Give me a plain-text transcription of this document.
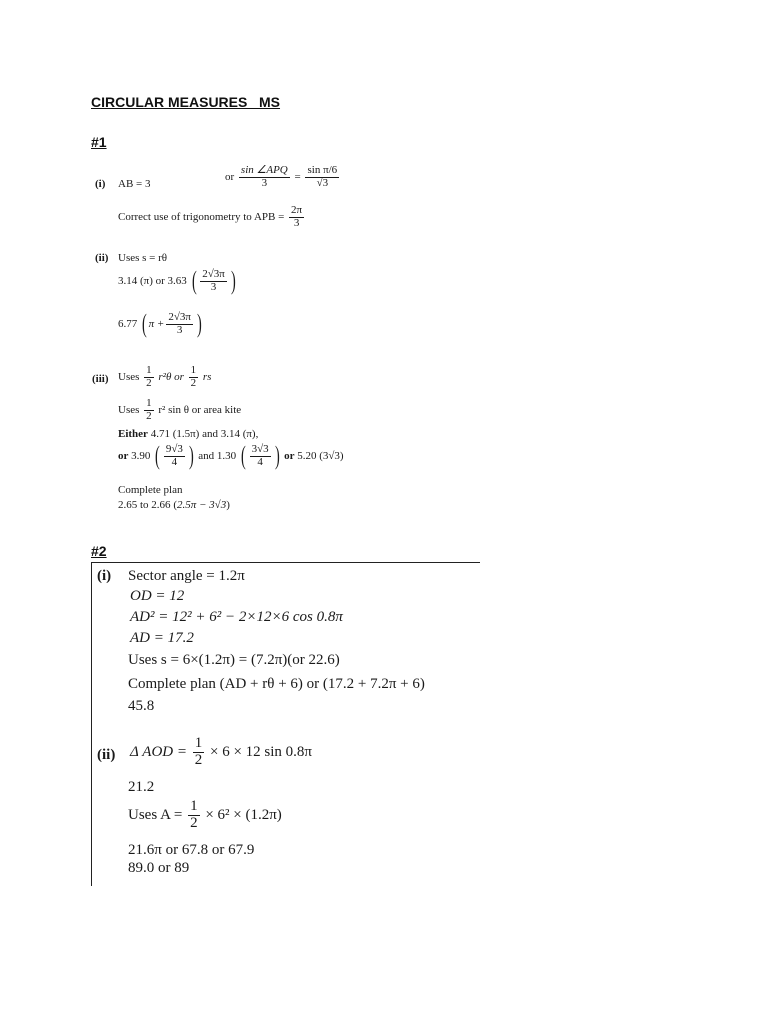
CIRCULAR MEASURES _MS
#1
(i) AB = 3
or $\frac{\text{sin ∠APQ}}{3} = \frac{\text{sin π/6}}{√3}$
Correct use of trigonometry to APB = $\frac{2\pi}{3}$
(ii) Uses s = rθ
3.14 (π) or 3.63 ( $\frac{2√3\pi}{3}$ )
6.77 ( $\pi + \frac{2√3\pi}{3}$ )
(iii) Uses $\frac{1}{2} r^2\theta$ or $\frac{1}{2}$ rs
Uses $\frac{1}{2} r^2$ sin θ or area kite
Either 4.71 (1.5π) and 3.14 (π),
or 3.90 ( $\frac{9√3}{4}$ ) and 1.30 ( $\frac{3√3}{4}$ ) or 5.20 (3√3)
Complete plan
2.65 to 2.66 (2.5π − 3√3)
#2
(i) Sector angle = 1.2π
OD = 12
AD² = 12² + 6² − 2×12×6 cos 0.8π
AD = 17.2
Uses s = 6×(1.2π) = (7.2π)(or 22.6)
Complete plan (AD + rθ + 6) or (17.2 + 7.2π + 6)
45.8
(ii) Δ AOD = $\frac{1}{2} \times 6 \times 12$ sin 0.8π
21.2
Uses $A = \frac{1}{2} \times 6^2 \times (1.2\pi)$
21.6π or 67.8 or 67.9
89.0 or 89
